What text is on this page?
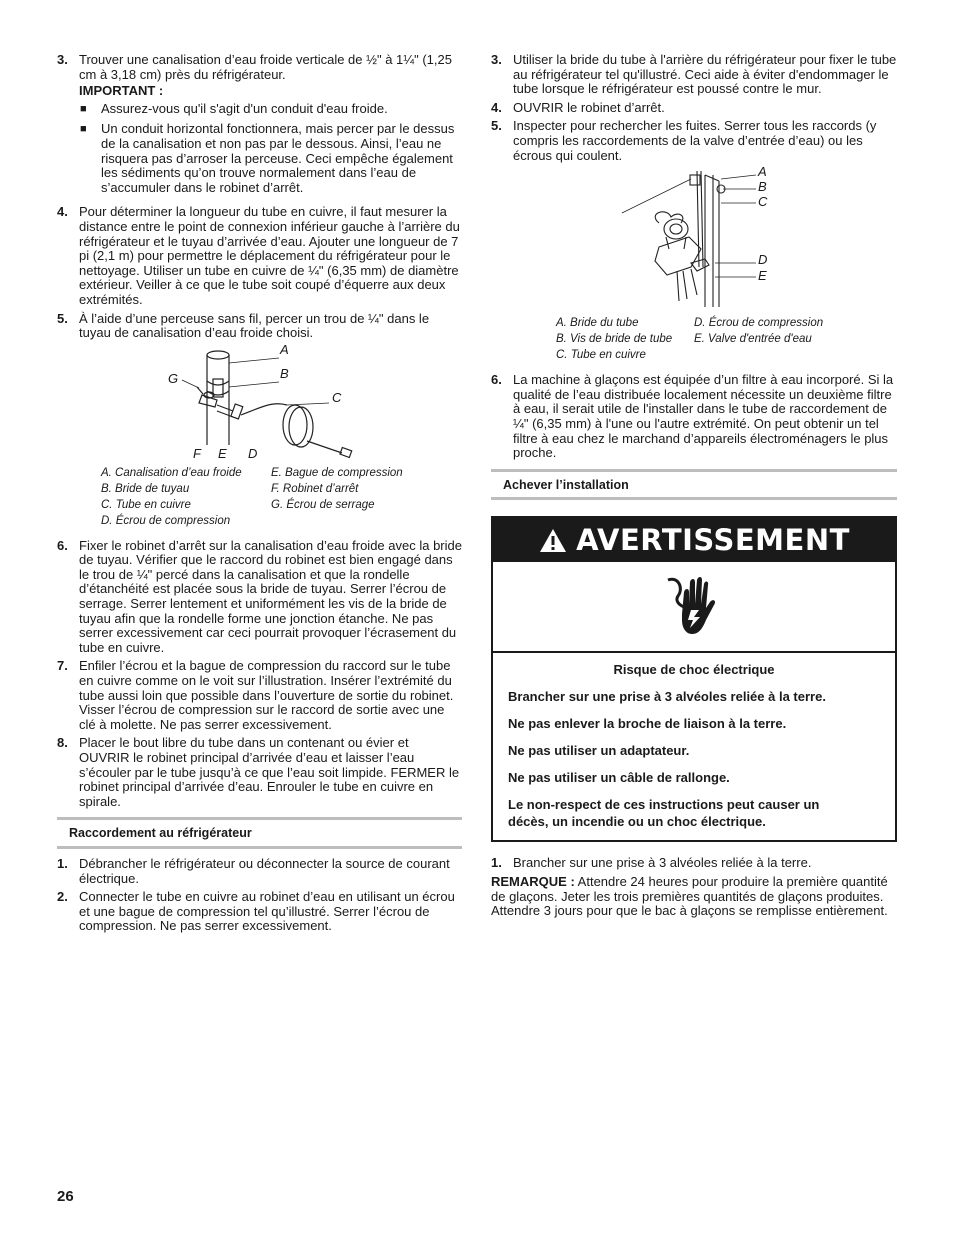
3. Trouver une canalisation d’eau froide verticale de ½" à 1¼" (1,25 cm à 3,18 cm) près du réfrigérateur.
IMPORTANT :
■	Assurez-vous qu'il s'agit d'un conduit d'eau froide.
■	Un conduit horizontal fonctionnera, mais percer par le dessus de la canalisation et non pas par le dessous. Ainsi, l’eau ne risquera pas d’arroser la perceuse. Ceci empêche également les sédiments qu’on trouve normalement dans l’eau de s’accumuler dans le robinet d’arrêt.
4. Pour déterminer la longueur du tube en cuivre, il faut mesurer la distance entre le point de connexion inférieur gauche à l’arrière du réfrigérateur et le tuyau d’arrivée d’eau. Ajouter une longueur de 7 pi (2,1 m) pour permettre le déplacement du réfrigérateur pour le nettoyage. Utiliser un tube en cuivre de ¼" (6,35 mm) de diamètre extérieur. Veiller à ce que le tube soit coupé d’équerre aux deux extrémités.
5. À l’aide d’une perceuse sans fil, percer un trou de ¼" dans le tuyau de canalisation d’eau froide choisi.
A
B
C
G
F E D
A. Canalisation d’eau froide	E. Bague de compression
B. Bride de tuyau	F. Robinet d’arrêt
C. Tube en cuivre	G. Écrou de serrage
D. Écrou de compression
6. Fixer le robinet d’arrêt sur la canalisation d’eau froide avec la bride de tuyau. Vérifier que le raccord du robinet est bien engagé dans le trou de ¼" percé dans la canalisation et que la rondelle d’étanchéité est placée sous la bride de tuyau. Serrer l’écrou de serrage. Serrer lentement et uniformément les vis de la bride de tuyau afin que la rondelle forme une jonction étanche. Ne pas serrer excessivement car ceci pourrait provoquer l’écrasement du tube en cuivre.
7. Enfiler l’écrou et la bague de compression du raccord sur le tube en cuivre comme on le voit sur l’illustration. Insérer l’extrémité du tube aussi loin que possible dans l’ouverture de sortie du robinet. Visser l’écrou de compression sur le raccord de sortie avec une clé à molette. Ne pas serrer excessivement.
8. Placer le bout libre du tube dans un contenant ou évier et OUVRIR le robinet principal d’arrivée d’eau et laisser l’eau s’écouler par le tube jusqu’à ce que l’eau soit limpide. FERMER le robinet principal d’arrivée d’eau. Enrouler le tube en cuivre en spirale.
Raccordement au réfrigérateur
1. Débrancher le réfrigérateur ou déconnecter la source de courant électrique.
2. Connecter le tube en cuivre au robinet d’eau en utilisant un écrou et une bague de compression tel qu’illustré. Serrer l’écrou de compression. Ne pas serrer excessivement.
3. Utiliser la bride du tube à l'arrière du réfrigérateur pour fixer le tube au réfrigérateur tel qu'illustré. Ceci aide à éviter d'endommager le tube lorsque le réfrigérateur est poussé contre le mur.
4. OUVRIR le robinet d’arrêt.
5. Inspecter pour rechercher les fuites. Serrer tous les raccords (y compris les raccordements de la valve d’entrée d’eau) ou les écrous qui coulent.
A
B
C
D
E
A. Bride du tube	D. Écrou de compression
B. Vis de bride de tube	E. Valve d'entrée d'eau
C. Tube en cuivre
6. La machine à glaçons est équipée d’un filtre à eau incorporé. Si la qualité de l’eau distribuée localement nécessite un deuxième filtre à eau, il serait utile de l'installer dans le tube de raccordement de ¼" (6,35 mm) à l'une ou l'autre extrémité. On peut obtenir un tel filtre à eau chez le marchand d’appareils électroménagers le plus proche.
Achever l’installation
AVERTISSEMENT

Risque de choc électrique

Brancher sur une prise à 3 alvéoles reliée à la terre.

Ne pas enlever la broche de liaison à la terre.

Ne pas utiliser un adaptateur.

Ne pas utiliser un câble de rallonge.

Le non-respect de ces instructions peut causer un décès, un incendie ou un choc électrique.

1. Brancher sur une prise à 3 alvéoles reliée à la terre.
REMARQUE : Attendre 24 heures pour produire la première quantité de glaçons. Jeter les trois premières quantités de glaçons produites. Attendre 3 jours pour que le bac à glaçons se remplisse entièrement.
26
